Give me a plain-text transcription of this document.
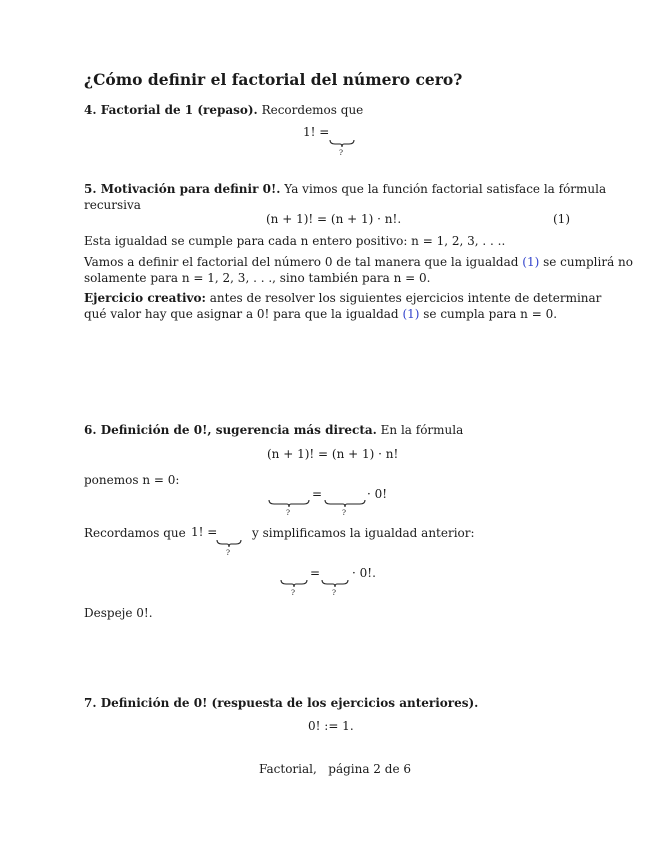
¿Cómo definir el factorial del número cero?
4. Factorial de 1 (repaso). Recordemos que
1! =
?
5. Motivación para definir 0!. Ya vimos que la función factorial satisface la fórmula
recursiva
(n + 1)! = (n + 1) · n!.	(1)
Esta igualdad se cumple para cada n entero positivo: n = 1, 2, 3, . . ..
Vamos a definir el factorial del número 0 de tal manera que la igualdad (1) se cumplirá no
solamente para n = 1, 2, 3, . . ., sino también para n = 0.
Ejercicio creativo: antes de resolver los siguientes ejercicios intente de determinar
qué valor hay que asignar a 0! para que la igualdad (1) se cumpla para n = 0.
6. Definición de 0!, sugerencia más directa. En la fórmula
(n + 1)! = (n + 1) · n!
ponemos n = 0:
?
=
?
· 0!
Recordamos que 1! =
?
y simplificamos la igualdad anterior:
?
=
?
· 0!.
Despeje 0!.
7. Definición de 0! (respuesta de los ejercicios anteriores).
0! := 1.
Factorial,   página 2 de 6
